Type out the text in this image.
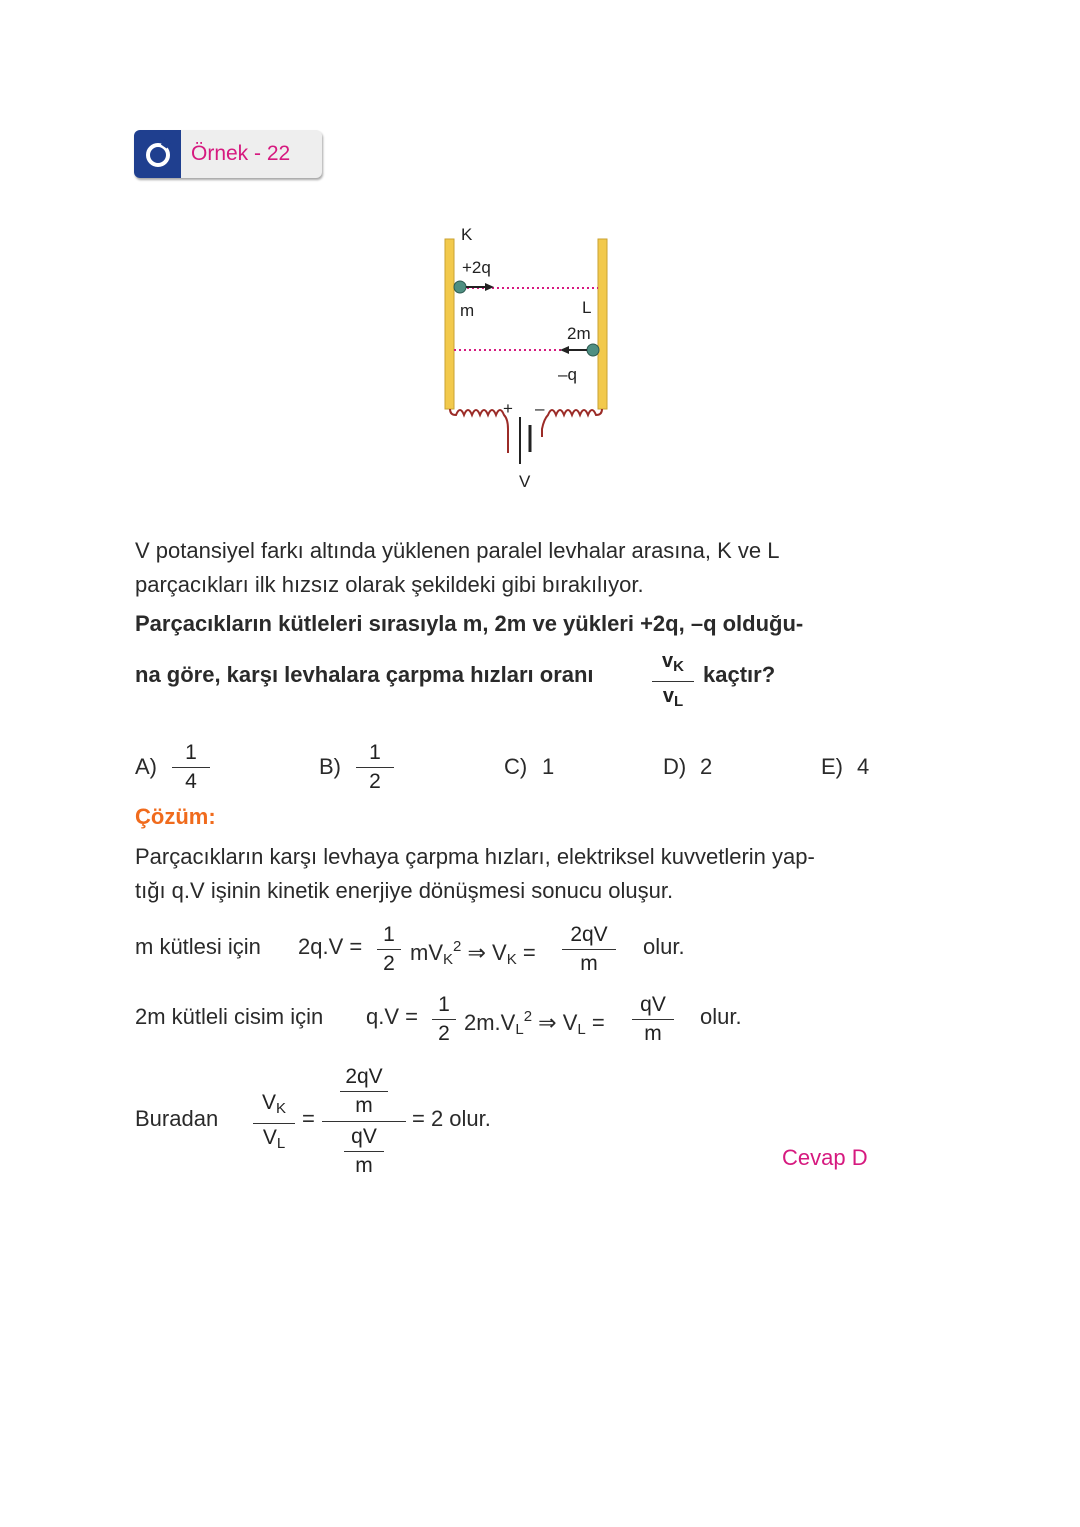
Örnek - 22
K
+2q
m	L
2m
–q
+ –
V
V potansiyel farkı altında yüklenen paralel levhalar arasına, K ve L
parçacıkları ilk hızsız olarak şekildeki gibi bırakılıyor.
Parçacıkların kütleleri sırasıyla m, 2m ve yükleri +2q, –q olduğu-
na göre, karşı levhalara çarpma hızları oranı
$v_K$
$v_L$
kaçtır?
A)
1
4
B)
1
2
C) 1	D) 2	E) 4
Çözüm:
Parçacıkların karşı levhaya çarpma hızları, elektriksel kuvvetlerin yap-
tığı q.V işinin kinetik enerjiye dönüşmesi sonucu oluşur.
m kütlesi için 2q.V = 1
2 $mV_K^2$ ⇒ $V_K$ =
2qV
m
olur.
2m kütleli cisim için q.V = 1
2 $2m.V_L^2$ ⇒ $V_L$ =
qV
m
olur.
Buradan
$V_K$
$V_L$
=
2qV
m
qV
m
= 2 olur.
Cevap D
